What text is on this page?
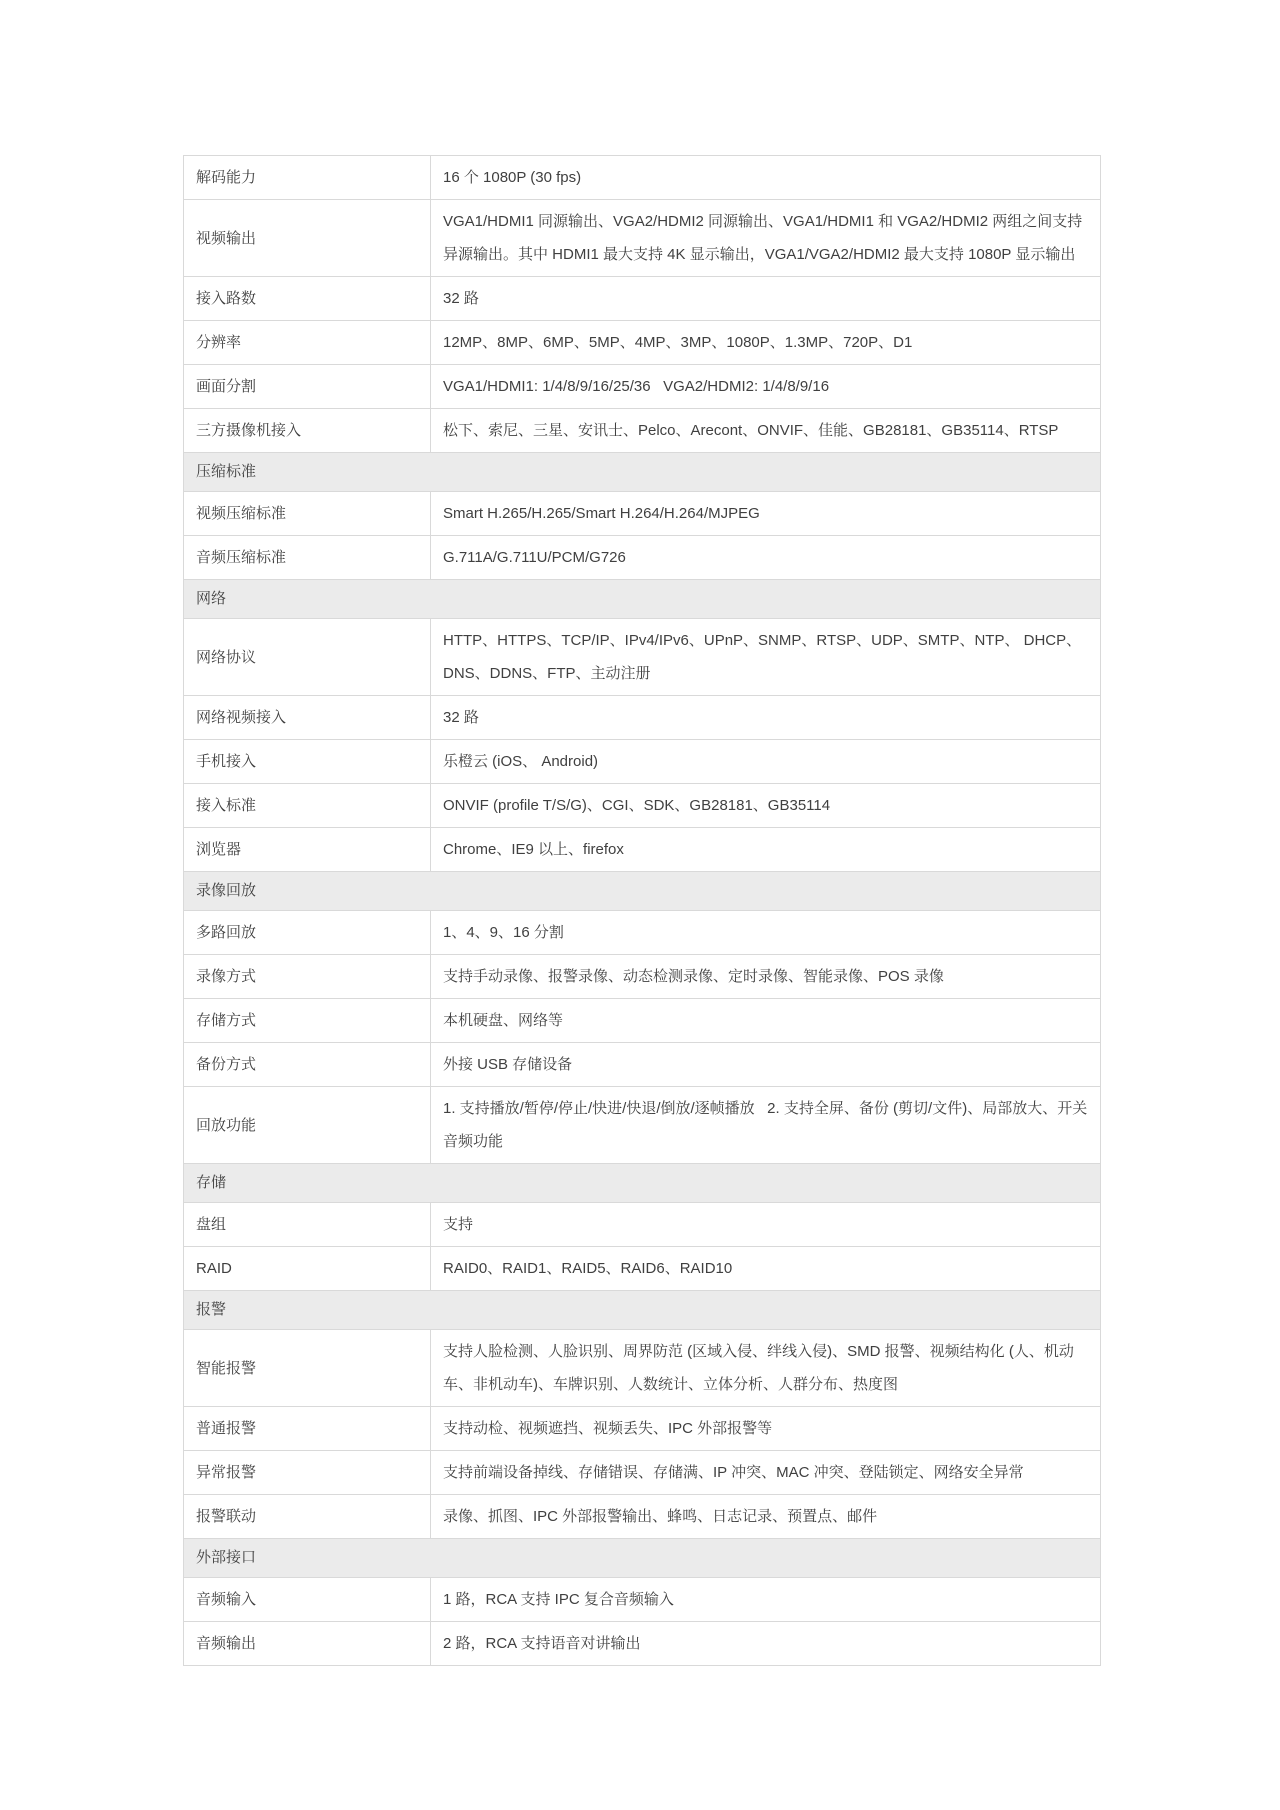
解码能力	16 个 1080P (30 fps)
视频输出	VGA1/HDMI1 同源输出、VGA2/HDMI2 同源输出、VGA1/HDMI1 和 VGA2/HDMI2 两组之间支持异源输出。其中 HDMI1 最大支持 4K 显示输出，VGA1/VGA2/HDMI2 最大支持 1080P 显示输出
接入路数	32 路
分辨率	12MP、8MP、6MP、5MP、4MP、3MP、1080P、1.3MP、720P、D1
画面分割	VGA1/HDMI1: 1/4/8/9/16/25/36   VGA2/HDMI2: 1/4/8/9/16
三方摄像机接入	松下、索尼、三星、安讯士、Pelco、Arecont、ONVIF、佳能、GB28181、GB35114、RTSP
压缩标准	
视频压缩标准	Smart H.265/H.265/Smart H.264/H.264/MJPEG
音频压缩标准	G.711A/G.711U/PCM/G726
网络	
网络协议	HTTP、HTTPS、TCP/IP、IPv4/IPv6、UPnP、SNMP、RTSP、UDP、SMTP、NTP、 DHCP、DNS、DDNS、FTP、主动注册
网络视频接入	32 路
手机接入	乐橙云 (iOS、 Android)
接入标准	ONVIF (profile T/S/G)、CGI、SDK、GB28181、GB35114
浏览器	Chrome、IE9 以上、firefox
录像回放	
多路回放	1、4、9、16 分割
录像方式	支持手动录像、报警录像、动态检测录像、定时录像、智能录像、POS 录像
存储方式	本机硬盘、网络等
备份方式	外接 USB 存储设备
回放功能	1. 支持播放/暂停/停止/快进/快退/倒放/逐帧播放   2. 支持全屏、备份 (剪切/文件)、局部放大、开关音频功能
存储	
盘组	支持
RAID	RAID0、RAID1、RAID5、RAID6、RAID10
报警	
智能报警	支持人脸检测、人脸识别、周界防范 (区域入侵、绊线入侵)、SMD 报警、视频结构化 (人、机动车、非机动车)、车牌识别、人数统计、立体分析、人群分布、热度图
普通报警	支持动检、视频遮挡、视频丢失、IPC 外部报警等
异常报警	支持前端设备掉线、存储错误、存储满、IP 冲突、MAC 冲突、登陆锁定、网络安全异常
报警联动	录像、抓图、IPC 外部报警输出、蜂鸣、日志记录、预置点、邮件
外部接口	
音频输入	1 路，RCA 支持 IPC 复合音频输入
音频输出	2 路，RCA 支持语音对讲输出
